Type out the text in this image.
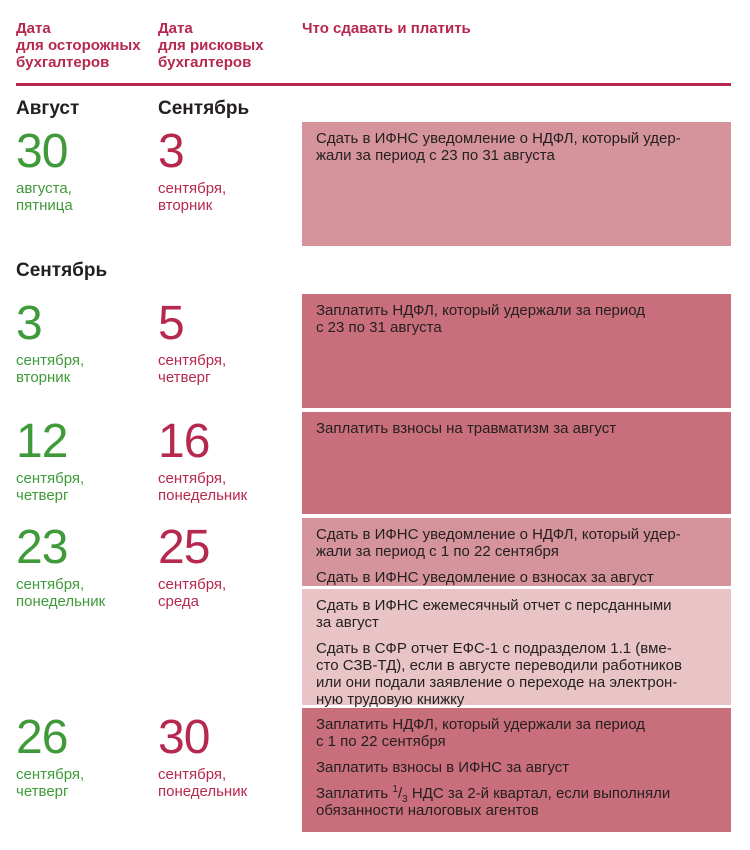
Дата
для осторожных
бухгалтеров
Дата
для рисковых
бухгалтеров
Что сдавать и платить
Август	Сентябрь
30
августа,
пятница
3
сентября,
вторник

Сдать в ИФНС уведомление о НДФЛ, который удер-
жали за период с 23 по 31 августа

Сентябрь
3
сентября,
вторник
5
сентября,
четверг

Заплатить НДФЛ, который удержали за период
с 23 по 31 августа

12
сентября,
четверг
16
сентября,
понедельник

Заплатить взносы на травматизм за август

23
сентября,
понедельник
25
сентября,
среда

Сдать в ИФНС уведомление о НДФЛ, который удер-
жали за период с 1 по 22 сентября

Сдать в ИФНС уведомление о взносах за август

Сдать в ИФНС ежемесячный отчет с персданными
за август

Сдать в СФР отчет ЕФС-1 с подразделом 1.1 (вме-
сто СЗВ-ТД), если в августе переводили работников
или они подали заявление о переходе на электрон-
ную трудовую книжку

26
сентября,
четверг
30
сентября,
понедельник

Заплатить НДФЛ, который удержали за период
с 1 по 22 сентября

Заплатить взносы в ИФНС за август

Заплатить $^1/_3$ НДС за 2-й квартал, если выполняли
обязанности налоговых агентов
